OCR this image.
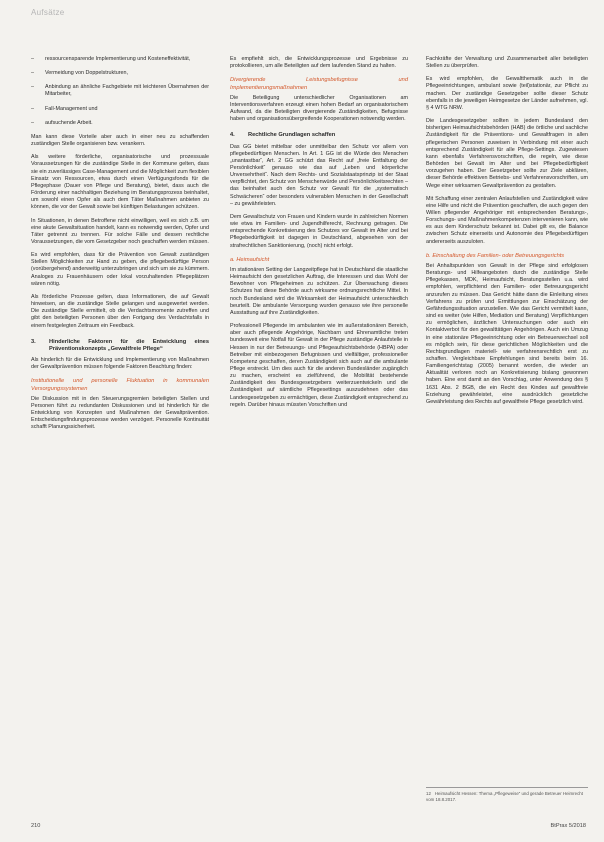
Aufsätze
–	ressourcensparende Implementierung und Kosteneffektivität,
–	Vermeidung von Doppelstrukturen,
–	Anbindung an ähnliche Fachgebiete mit leichteren Übernahmen der Mitarbeiter,
–	Fall-Management und
–	aufsuchende Arbeit.

Man kann diese Vorteile aber auch in einer neu zu schaffenden zuständigen Stelle organisieren bzw. verankern.

Als weitere förderliche, organisatorische und prozessuale Voraussetzungen für die zuständige Stelle in der Kommune gelten, dass sie ein zuverlässiges Case-Management und die Möglichkeit zum flexiblen Einsatz von Ressourcen, etwa durch einen Verfügungsfonds für die Pflegephase (Dauer von Pflege und Beratung), bietet, dass auch die Förderung einer nachhaltigen Beziehung im Beratungsprozess beinhaltet, um sowohl einen Opfer als auch dem Täter Maßnahmen anbieten zu können, die vor der Gewalt sowie bei künftigen Belastungen schützen.

In Situationen, in denen Betroffene nicht einwilligen, weil es sich z.B. um eine akute Gewaltsituation handelt, kann es notwendig werden, Opfer und Täter getrennt zu trennen. Für solche Fälle und dessen rechtliche Voraussetzungen, die vom Gesetzgeber noch geschaffen werden müssen.

Es wird empfohlen, dass für die Prävention von Gewalt zuständigen Stellen Möglichkeiten zur Hand zu geben, die pflegebedürftige Person (vorübergehend) anderweitig unterzubringen und sich um sie zu kümmern. Analoges zu Frauenhäusern oder lokal vorzuhaltenden Pflegeplätzen wären nötig.

Als förderliche Prozesse gelten, dass Informationen, die auf Gewalt hinweisen, an die zuständige Stelle gelangen und ausgewertet werden. Die zuständige Stelle ermittelt, ob die Verdachtsmomente zutreffen und gibt den beteiligten Personen über den Fortgang des Verdachtsfalls in einem festgelegten Zeitraum ein Feedback.

3.	Hinderliche Faktoren für die Entwicklung eines Präventionskonzepts „Gewaltfreie Pflege“

Als hinderlich für die Entwicklung und Implementierung von Maßnahmen der Gewaltprävention müssen folgende Faktoren Beachtung finden:

Institutionelle und personelle Fluktuation in kommunalen Versorgungssystemen

Die Diskussion mit in den Steuerungsgremien beteiligten Stellen und Personen führt zu redundanten Diskussionen und ist hinderlich für die Entwicklung von Konzepten und Maßnahmen der Gewaltprävention. Entscheidungsfindungsprozesse werden verzögert. Personelle Kontinuität schafft Planungssicherheit.

Es empfiehlt sich, die Entwicklungsprozesse und Ergebnisse zu protokollieren, um alle Beteiligten auf dem laufenden Stand zu halten.

Divergierende Leistungsbefugnisse und Implementierungsmaßnahmen

Die Beteiligung unterschiedlicher Organisationen am Interventionsverfahren erzeugt einen hohen Bedarf an organisatorischem Aufwand, da die Beteiligten divergierende Zuständigkeiten, Befugnisse haben und organisationsübergreifende Kooperationen notwendig werden.

4.	Rechtliche Grundlagen schaffen

Das GG bietet mittelbar oder unmittelbar den Schutz vor allem von pflegebedürftigen Menschen. In Art. 1 GG ist die Würde des Menschen „unantastbar“, Art. 2 GG schützt das Recht auf „freie Entfaltung der Persönlichkeit“ genauso wie das auf „Leben und körperliche Unversehrtheit“. Nach dem Rechts- und Sozialstaatsprinzip ist der Staat verpflichtet, den Schutz von Menschenwürde und Persönlichkeitsrechten – das beinhaltet auch den Schutz vor Gewalt für die „systematisch Schwächeren“ oder besonders vulnerablen Menschen in der Gesellschaft – zu gewährleisten.

Dem Gewaltschutz von Frauen und Kindern wurde in zahlreichen Normen wie etwa im Familien- und Jugendhilferecht, Rechnung getragen. Die entsprechende Konkretisierung des Schutzes vor Gewalt im Alter und bei Pflegebedürftigkeit ist dagegen in Deutschland, abgesehen von der strafrechtlichen Sanktionierung, (noch) nicht erfolgt.

a. Heimaufsicht

Im stationären Setting der Langzeitpflege hat in Deutschland die staatliche Heimaufsicht den gesetzlichen Auftrag, die Interessen und das Wohl der Bewohner von Pflegeheimen zu schützen. Zur Überwachung dieses Schutzes hat diese Behörde auch wirksame ordnungsrechtliche Mittel. In noch Bundesland wird die Wirksamkeit der Heimaufsicht unterschiedlich beurteilt. Die ambulante Versorgung wurden genauso wie ihre personelle Ausstattung auf ihre Zuständigkeiten.

Professionell Pflegende im ambulanten wie im außerstationären Bereich, aber auch pflegende Angehörige, Nachbarn und Ehrenamtliche treten bundesweit eine Notfall für Gewalt in der Pflege zuständige Anlaufstelle in Hessen in nur der Betreuungs- und Pflegeaufsichtsbehörde (HBPA) oder Betreiber mit einbezogenen Befugnissen und vielfältiger, professioneller Kompetenz geschaffen, deren Zuständigkeit sich auch auf die ambulante Pflege erstreckt. Um dies auch für die anderen Bundesländer zugänglich zu machen, erscheint es zielführend, die Mobilität bestehende Zuständigkeit des Bundesgesetzgebers weiterzuentwickeln und die Zuständigkeit auf sämtliche Pflegesettings auszudehnen oder das Landesgesetzgeben zu ermächtigen, diese Zuständigkeit entsprechend zu regeln. Darüber hinaus müssten Vorschriften und

Fachkräfte der Verwaltung und Zusammenarbeit aller beteiligten Stellen zu überprüfen.

Es wird empfohlen, die Gewaltthematik auch in die Pflegeeinrichtungen, ambulant sowie (teil)stationär, zur Pflicht zu machen. Der zuständige Gesetzgeber sollte dieser Schutz ebenfalls in die jeweiligen Heimgesetze der Länder aufnehmen, vgl. § 4 WTG NRW.

Die Landesgesetzgeber sollten in jedem Bundesland den bisherigen Heimaufsichtsbehörden (HAB) die örtliche und sachliche Zuständigkeit für die Präventions- und Gewaltfragen in allen pflegerischen Personen zuweisen in Verbindung mit einer auch entsprechend Zuständigkeit für alle Pflege-Settings. Zugewiesen kann ebenfalls Verfahrensvorschriften, die regeln, wie diese Behörden bei Gewalt im Alter und bei Pflegebedürftigkeit vorzugehen haben. Der Gesetzgeber sollte zur Ziele abklären, dieser Behörde effektiven Betriebs- und Verfahrensvorschriften, um Wege einer wirksamen Gewaltprävention zu gestalten.

Mit Schaffung einer zentralen Anlaufstellen und Zuständigkeit wäre eine Hilfe und nicht die Prävention geschaffen, die auch gegen den Willen pflegender Angehöriger mit entsprechenden Beratungs-, Forschungs- und Maßnahmenkompetenzen intervenieren kann, wie es aus dem Kinderschutz bekannt ist. Dabei gilt es, die Balance zwischen Schutz einerseits und Autonomie des Pflegebedürftigen andererseits auszuloten.

b. Einschaltung des Familien- oder Betreuungsgerichts

Bei Anhaltspunkten von Gewalt in der Pflege sind erfolglosen Beratungs- und Hilfeangeboten durch die zuständige Stelle Pflegekassen, MDK, Heimaufsicht, Beratungsstellen u.a. wird empfohlen, verpflichtend den Familien- oder Betreuungsgericht anzurufen zu müssen. Das Gericht hätte dann die Einleitung eines Verfahrens zu prüfen und Ermittlungen zur Einschätzung der Gefährdungssituation anzustellen. Wie das Gericht vermittelt kann, sind es weiter (wie Hilfen, Mediation und Beratung) Verpflichtungen zu ermöglichen, ärztlichen Untersuchungen oder auch ein Kontaktverbot für den gewalttätigen Angehörigen. Auch ein Umzug in eine stationäre Pflegeeinrichtung oder ein Betreuerwechsel soll es möglich sein, für diese gerichtlichen Möglichkeiten und die Rechtsgrundlagen materiell- wie verfahrensrechtlich erst zu schaffen. Vergleichbare Empfehlungen sind bereits beim 16. Familiengerichtstag (2005) benannt worden, die wieder an Aktualität verloren noch an Konkretisierung bislang gewonnen haben. Eine erst damit an den Vorschlag, unter Anwendung des § 1631 Abs. 2 BGB, die ein Recht des Kindes auf gewaltfreie Erziehung gewährleistet, eine ausdrücklich gesetzliche Gewährleistung des Rechts auf gewaltfreie Pflege gesetzlich wird.

12 Heimaufsicht Hessen: Thema „Pflegeweise“ und gerade Betreuer Heimrecht vom 18.8.2017.
210	BtPrax 5/2018
